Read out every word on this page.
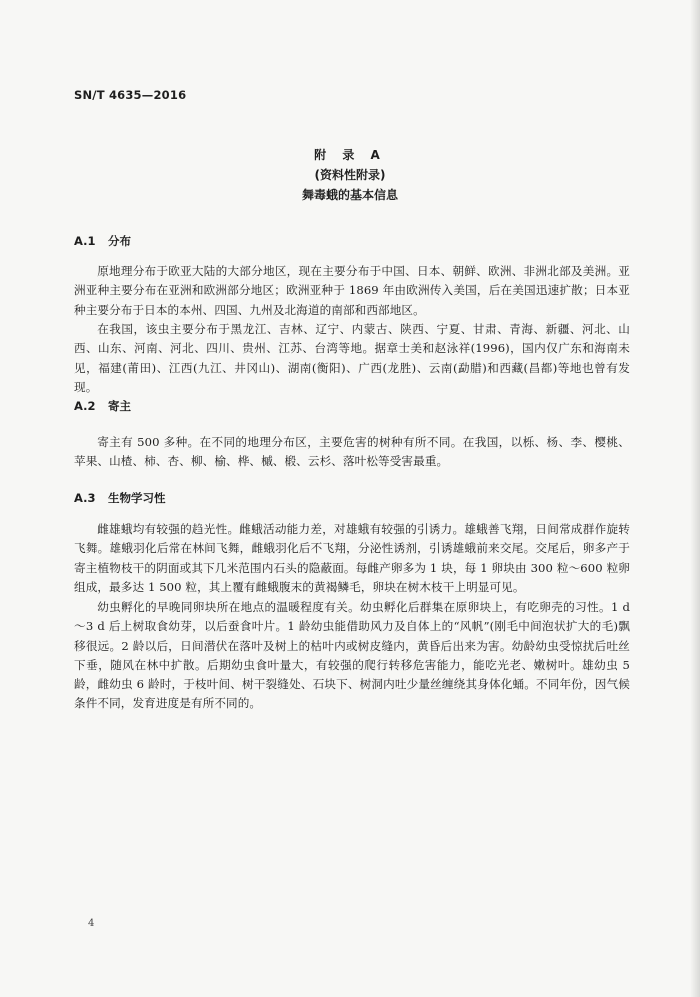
SN/T 4635—2016
附 录 A
(资料性附录)
舞毒蛾的基本信息
A.1 分布

原地理分布于欧亚大陆的大部分地区，现在主要分布于中国、日本、朝鲜、欧洲、非洲北部及美洲。亚洲亚种主要分布在亚洲和欧洲部分地区；欧洲亚种于 1869 年由欧洲传入美国，后在美国迅速扩散；日本亚种主要分布于日本的本州、四国、九州及北海道的南部和西部地区。

在我国，该虫主要分布于黑龙江、吉林、辽宁、内蒙古、陕西、宁夏、甘肃、青海、新疆、河北、山西、山东、河南、河北、四川、贵州、江苏、台湾等地。据章士美和赵泳祥(1996)，国内仅广东和海南未见，福建(莆田)、江西(九江、井冈山)、湖南(衡阳)、广西(龙胜)、云南(勐腊)和西藏(昌都)等地也曾有发现。

A.2 寄主

寄主有 500 多种。在不同的地理分布区，主要危害的树种有所不同。在我国，以栎、杨、李、樱桃、苹果、山楂、柿、杏、柳、榆、桦、槭、椴、云杉、落叶松等受害最重。

A.3 生物学习性

雌雄蛾均有较强的趋光性。雌蛾活动能力差，对雄蛾有较强的引诱力。雄蛾善飞翔，日间常成群作旋转飞舞。雄蛾羽化后常在林间飞舞，雌蛾羽化后不飞翔，分泌性诱剂，引诱雄蛾前来交尾。交尾后，卵多产于寄主植物枝干的阴面或其下几米范围内石头的隐蔽面。每雌产卵多为 1 块，每 1 卵块由 300 粒～600 粒卵组成，最多达 1 500 粒，其上覆有雌蛾腹末的黄褐鳞毛，卵块在树木枝干上明显可见。

幼虫孵化的早晚同卵块所在地点的温暖程度有关。幼虫孵化后群集在原卵块上，有吃卵壳的习性。1 d～3 d 后上树取食幼芽，以后蚕食叶片。1 龄幼虫能借助风力及自体上的“风帆”(刚毛中间泡状扩大的毛)飘移很远。2 龄以后，日间潜伏在落叶及树上的枯叶内或树皮缝内，黄昏后出来为害。幼龄幼虫受惊扰后吐丝下垂，随风在林中扩散。后期幼虫食叶量大，有较强的爬行转移危害能力，能吃光老、嫩树叶。雄幼虫 5 龄，雌幼虫 6 龄时，于枝叶间、树干裂缝处、石块下、树洞内吐少量丝缠绕其身体化蛹。不同年份，因气候条件不同，发育进度是有所不同的。

4
